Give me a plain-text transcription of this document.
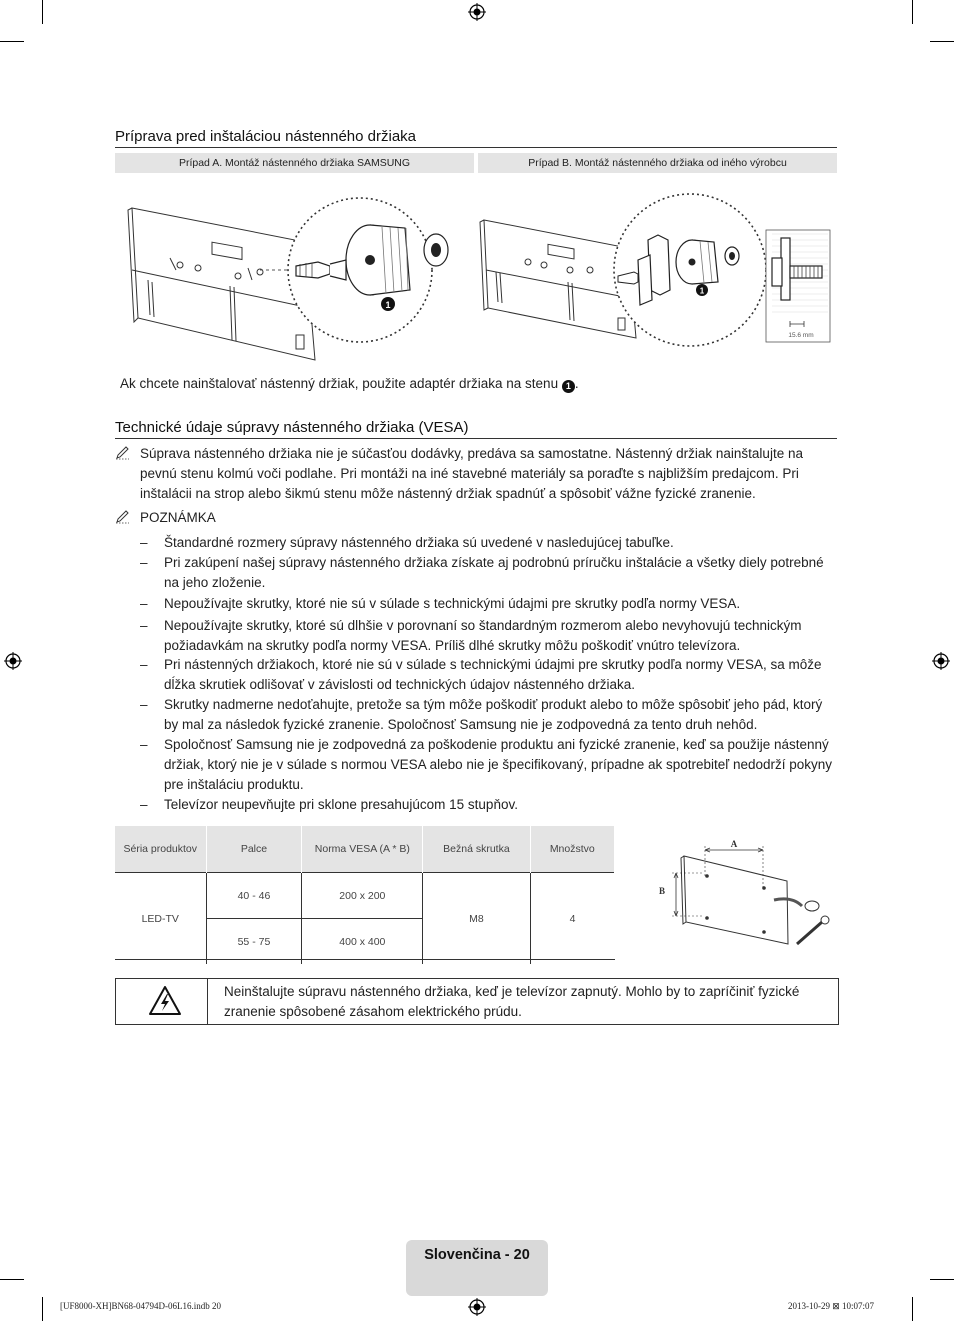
Príprava pred inštaláciou nástenného držiaka
Prípad A. Montáž nástenného držiaka SAMSUNG	Prípad B. Montáž nástenného držiaka od iného výrobcu
1
1
15.6 mm
Ak chcete nainštalovať nástenný držiak, použite adaptér držiaka na stenu 1 .
Technické údaje súpravy nástenného držiaka (VESA)
Súprava nástenného držiaka nie je súčasťou dodávky, predáva sa samostatne. Nástenný držiak nainštalujte na pevnú stenu kolmú voči podlahe. Pri montáži na iné stavebné materiály sa poraďte s najbližším predajcom. Pri inštalácii na strop alebo šikmú stenu môže nástenný držiak spadnúť a spôsobiť vážne fyzické zranenie.
POZNÁMKA
– Štandardné rozmery súpravy nástenného držiaka sú uvedené v nasledujúcej tabuľke.
– Pri zakúpení našej súpravy nástenného držiaka získate aj podrobnú príručku inštalácie a všetky diely potrebné na jeho zloženie.
– Nepoužívajte skrutky, ktoré nie sú v súlade s technickými údajmi pre skrutky podľa normy VESA.
– Nepoužívajte skrutky, ktoré sú dlhšie v porovnaní so štandardným rozmerom alebo nevyhovujú technickým požiadavkám na skrutky podľa normy VESA. Príliš dlhé skrutky môžu poškodiť vnútro televízora.
– Pri nástenných držiakoch, ktoré nie sú v súlade s technickými údajmi pre skrutky podľa normy VESA, sa môže dĺžka skrutiek odlišovať v závislosti od technických údajov nástenného držiaka.
– Skrutky nadmerne nedoťahujte, pretože sa tým môže poškodiť produkt alebo to môže spôsobiť jeho pád, ktorý by mal za následok fyzické zranenie. Spoločnosť Samsung nie je zodpovedná za tento druh nehôd.
– Spoločnosť Samsung nie je zodpovedná za poškodenie produktu ani fyzické zranenie, keď sa použije nástenný držiak, ktorý nie je v súlade s normou VESA alebo nie je špecifikovaný, prípadne ak spotrebiteľ nedodrží pokyny pre inštaláciu produktu.
– Televízor neupevňujte pri sklone presahujúcom 15 stupňov.
Séria produktov	Palce	Norma VESA (A * B)	Bežná skrutka	Množstvo
LED-TV	40 - 46	200 x 200	M8	4
	55 - 75	400 x 400		
A
B
Neinštalujte súpravu nástenného držiaka, keď je televízor zapnutý. Mohlo by to zapríčiniť fyzické zranenie spôsobené zásahom elektrického prúdu.
Slovenčina - 20
[UF8000-XH]BN68-04794D-06L16.indb 20	2013-10-29 ⊠ 10:07:07
